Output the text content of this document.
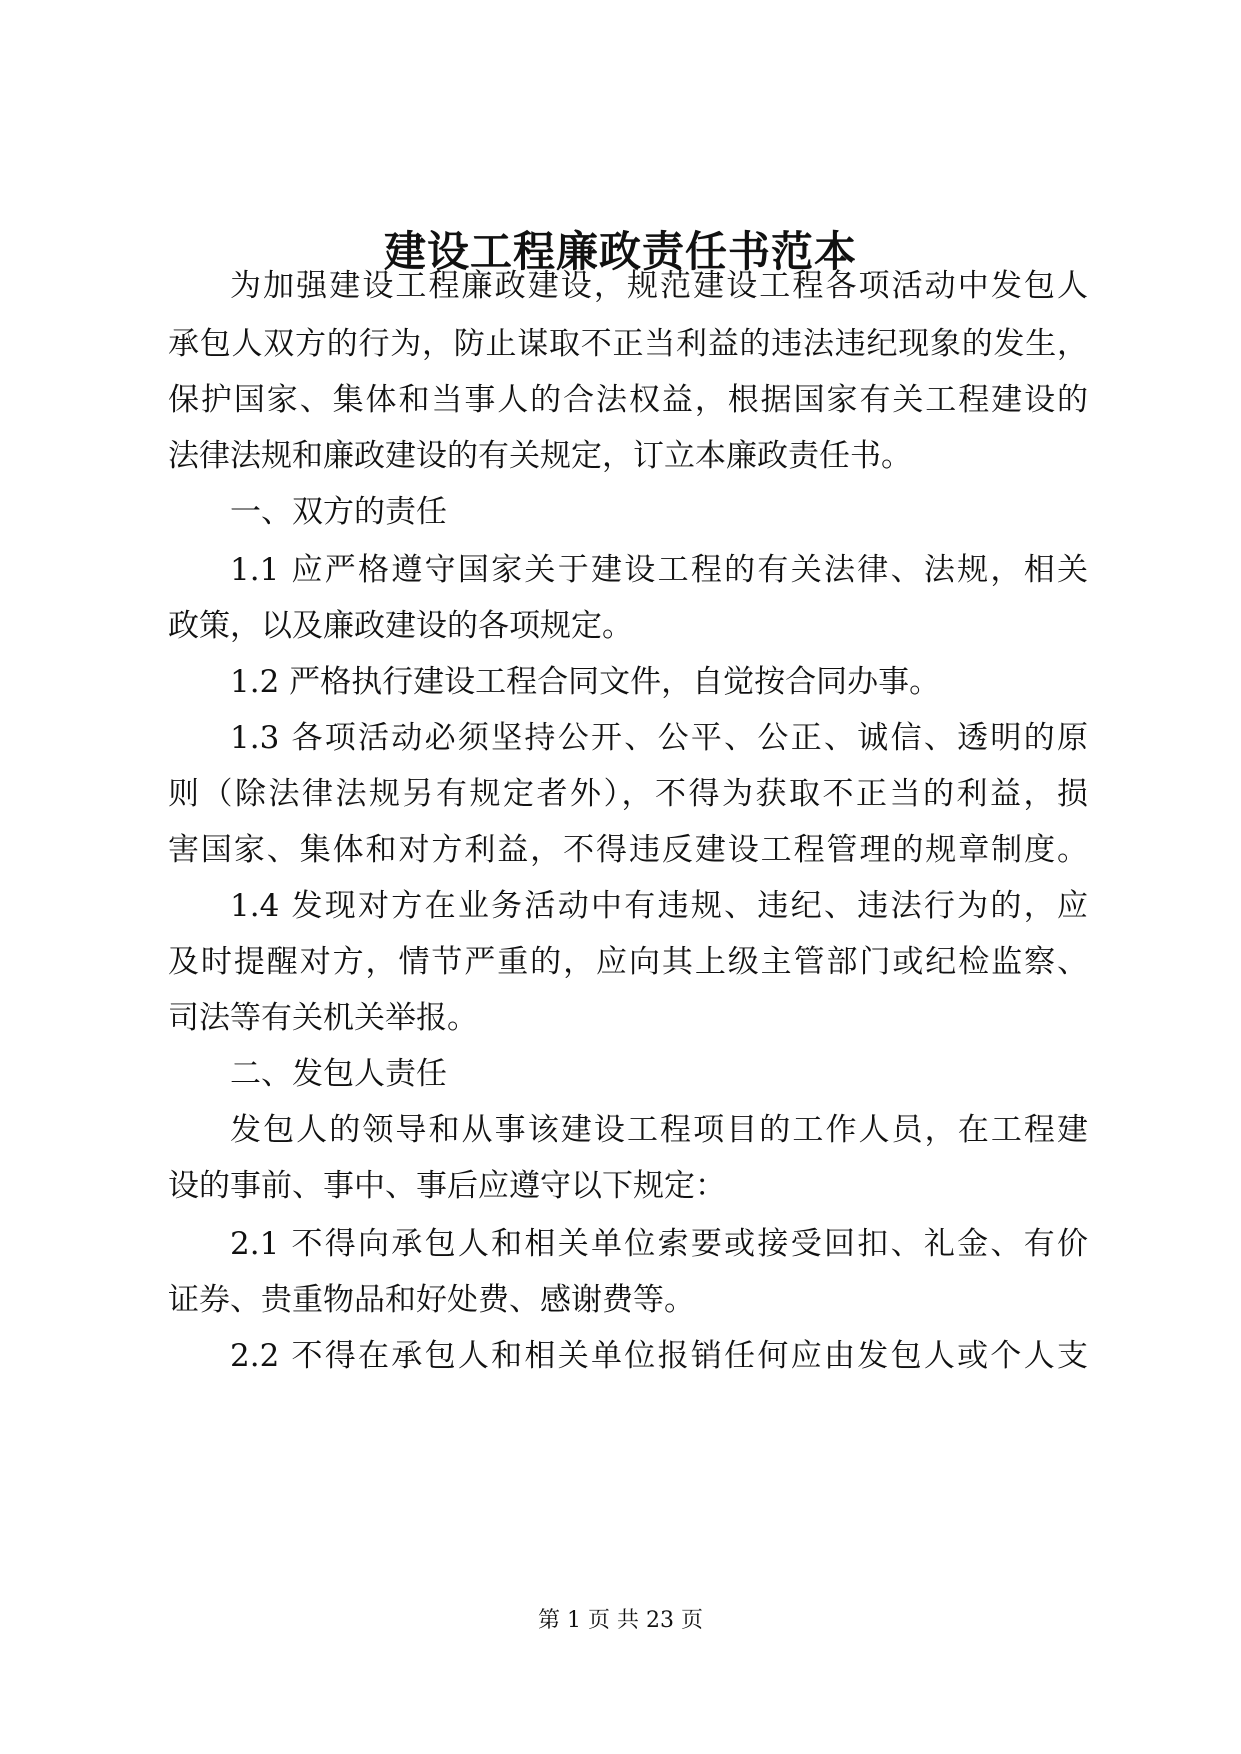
建设工程廉政责任书范本
为加强建设工程廉政建设，规范建设工程各项活动中发包人
承包人双方的行为，防止谋取不正当利益的违法违纪现象的发生，
保护国家、集体和当事人的合法权益，根据国家有关工程建设的
法律法规和廉政建设的有关规定，订立本廉政责任书。
一、双方的责任
1.1 应严格遵守国家关于建设工程的有关法律、法规，相关
政策，以及廉政建设的各项规定。
1.2 严格执行建设工程合同文件，自觉按合同办事。
1.3 各项活动必须坚持公开、公平、公正、诚信、透明的原
则（除法律法规另有规定者外），不得为获取不正当的利益，损
害国家、集体和对方利益，不得违反建设工程管理的规章制度。
1.4 发现对方在业务活动中有违规、违纪、违法行为的，应
及时提醒对方，情节严重的，应向其上级主管部门或纪检监察、
司法等有关机关举报。
二、发包人责任
发包人的领导和从事该建设工程项目的工作人员，在工程建
设的事前、事中、事后应遵守以下规定：
2.1 不得向承包人和相关单位索要或接受回扣、礼金、有价
证券、贵重物品和好处费、感谢费等。
2.2 不得在承包人和相关单位报销任何应由发包人或个人支
第 1 页 共 23 页
